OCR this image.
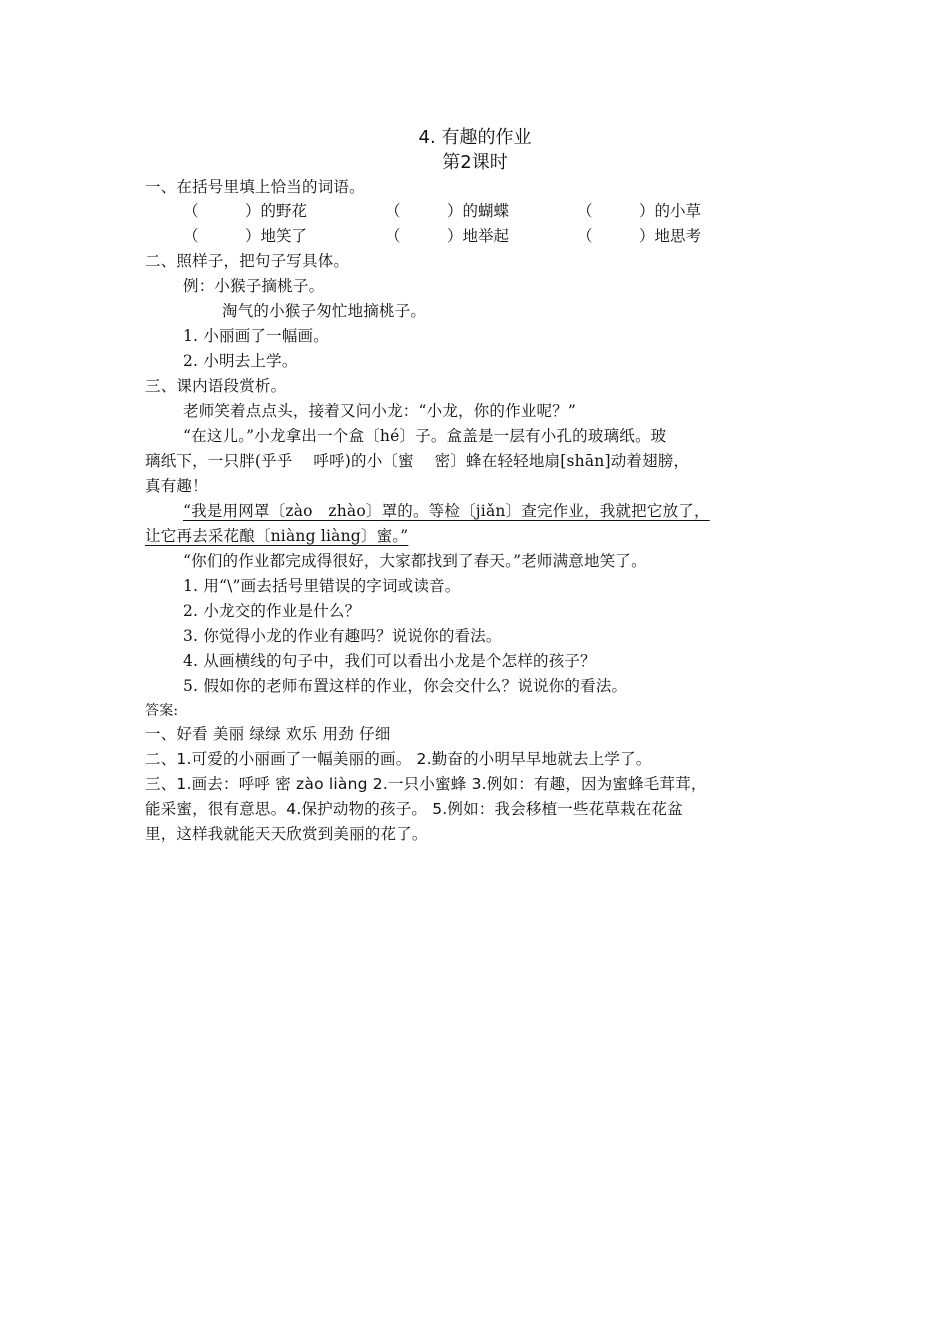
4. 有趣的作业
第2课时
一、在括号里填上恰当的词语。
（　　　）的野花	（　　　）的蝴蝶	（　　　）的小草
（　　　）地笑了	（　　　）地举起	（　　　）地思考
二、照样子，把句子写具体。
例：小猴子摘桃子。
淘气的小猴子匆忙地摘桃子。
1. 小丽画了一幅画。
2. 小明去上学。
三、课内语段赏析。
老师笑着点点头，接着又问小龙：“小龙，你的作业呢？”
“在这儿。”小龙拿出一个盒〔hé〕子。盒盖是一层有小孔的玻璃纸。玻
璃纸下，一只胖(乎乎　 呼呼)的小〔蜜　 密〕蜂在轻轻地扇[shān]动着翅膀，
真有趣！
“我是用网罩〔zào　zhào〕罩的。等检〔jiǎn〕查完作业，我就把它放了，
让它再去采花酿〔niàng liàng〕蜜。”
“你们的作业都完成得很好，大家都找到了春天。”老师满意地笑了。
1. 用“\”画去括号里错误的字词或读音。
2. 小龙交的作业是什么？
3. 你觉得小龙的作业有趣吗？说说你的看法。
4. 从画横线的句子中，我们可以看出小龙是个怎样的孩子？
5. 假如你的老师布置这样的作业，你会交什么？说说你的看法。
答案:
一、好看 美丽 绿绿 欢乐 用劲 仔细
二、1.可爱的小丽画了一幅美丽的画。 2.勤奋的小明早早地就去上学了。
三、1.画去：呼呼 密 zào liàng 2.一只小蜜蜂 3.例如：有趣，因为蜜蜂毛茸茸，
能采蜜，很有意思。4.保护动物的孩子。 5.例如：我会移植一些花草栽在花盆
里，这样我就能天天欣赏到美丽的花了。
